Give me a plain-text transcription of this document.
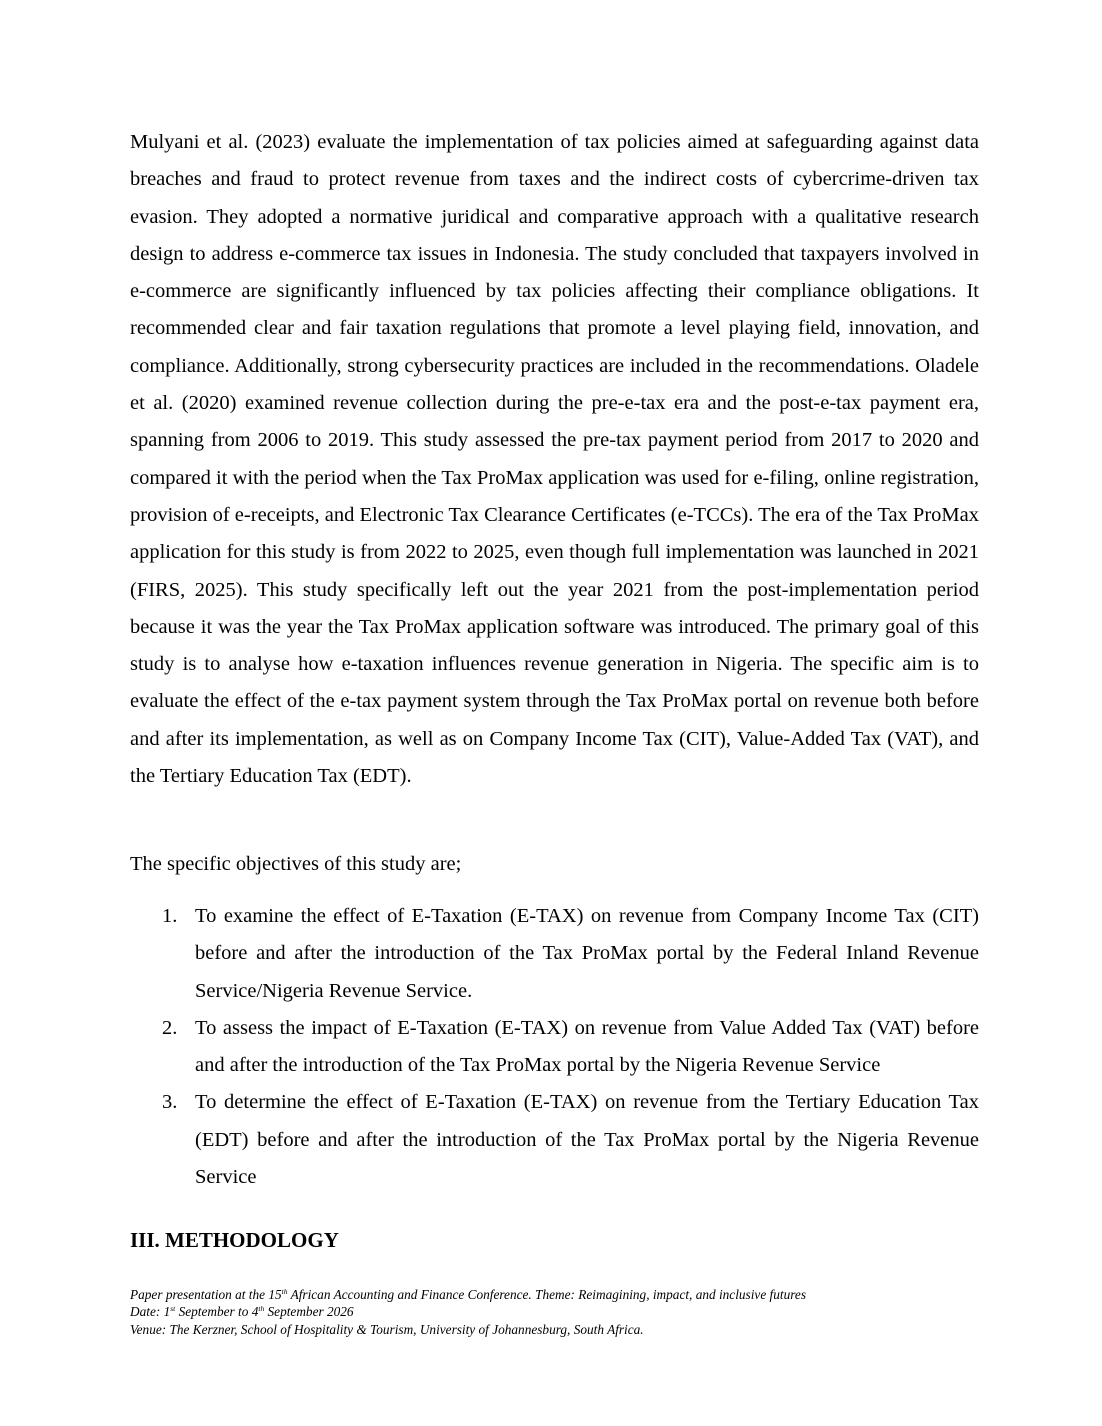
Mulyani et al. (2023) evaluate the implementation of tax policies aimed at safeguarding against data breaches and fraud to protect revenue from taxes and the indirect costs of cybercrime-driven tax evasion. They adopted a normative juridical and comparative approach with a qualitative research design to address e-commerce tax issues in Indonesia. The study concluded that taxpayers involved in e-commerce are significantly influenced by tax policies affecting their compliance obligations. It recommended clear and fair taxation regulations that promote a level playing field, innovation, and compliance. Additionally, strong cybersecurity practices are included in the recommendations. Oladele et al. (2020) examined revenue collection during the pre-e-tax era and the post-e-tax payment era, spanning from 2006 to 2019. This study assessed the pre-tax payment period from 2017 to 2020 and compared it with the period when the Tax ProMax application was used for e-filing, online registration, provision of e-receipts, and Electronic Tax Clearance Certificates (e-TCCs). The era of the Tax ProMax application for this study is from 2022 to 2025, even though full implementation was launched in 2021 (FIRS, 2025). This study specifically left out the year 2021 from the post-implementation period because it was the year the Tax ProMax application software was introduced. The primary goal of this study is to analyse how e-taxation influences revenue generation in Nigeria. The specific aim is to evaluate the effect of the e-tax payment system through the Tax ProMax portal on revenue both before and after its implementation, as well as on Company Income Tax (CIT), Value-Added Tax (VAT), and the Tertiary Education Tax (EDT).

The specific objectives of this study are;

1. To examine the effect of E-Taxation (E-TAX) on revenue from Company Income Tax (CIT) before and after the introduction of the Tax ProMax portal by the Federal Inland Revenue Service/Nigeria Revenue Service.
2. To assess the impact of E-Taxation (E-TAX) on revenue from Value Added Tax (VAT) before and after the introduction of the Tax ProMax portal by the Nigeria Revenue Service
3. To determine the effect of E-Taxation (E-TAX) on revenue from the Tertiary Education Tax (EDT) before and after the introduction of the Tax ProMax portal by the Nigeria Revenue Service
III. METHODOLOGY
Paper presentation at the 15th African Accounting and Finance Conference. Theme: Reimagining, impact, and inclusive futures
Date: 1st September to 4th September 2026
Venue: The Kerzner, School of Hospitality & Tourism, University of Johannesburg, South Africa.
